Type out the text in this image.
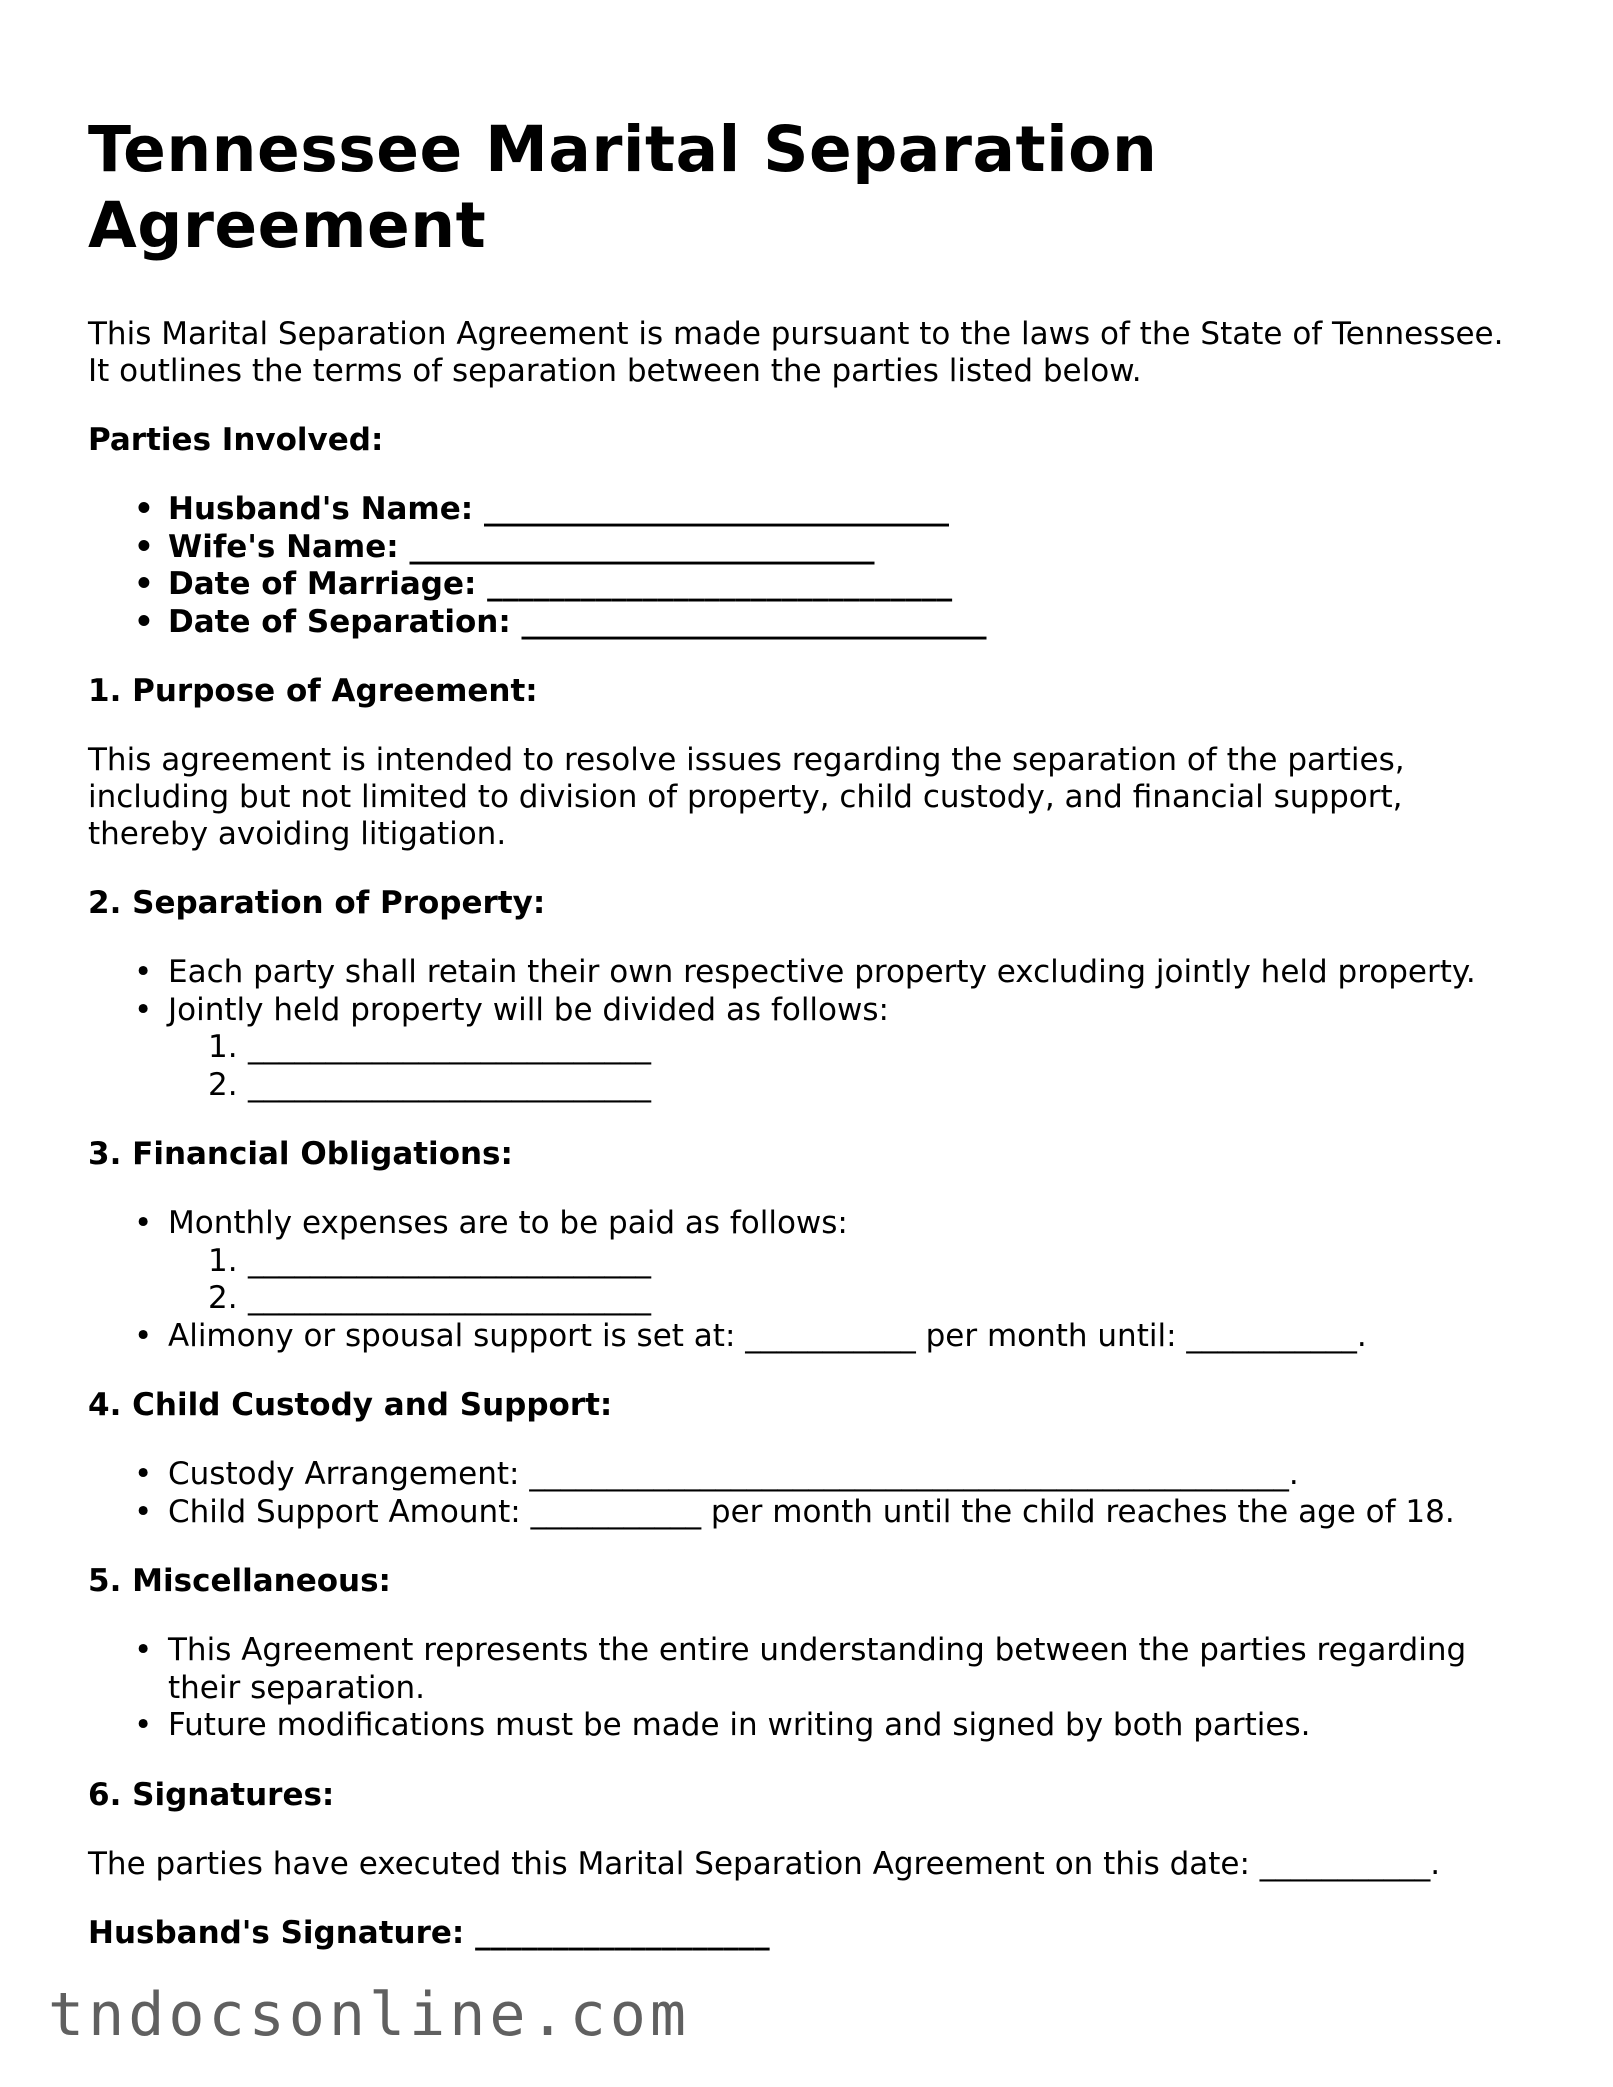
Tennessee Marital Separation Agreement

This Marital Separation Agreement is made pursuant to the laws of the State of Tennessee. It outlines the terms of separation between the parties listed below.

Parties Involved:
• Husband's Name: ______________________________
• Wife's Name: ______________________________
• Date of Marriage: ______________________________
• Date of Separation: ______________________________
1. Purpose of Agreement:

This agreement is intended to resolve issues regarding the separation of the parties, including but not limited to division of property, child custody, and financial support, thereby avoiding litigation.

2. Separation of Property:
• Each party shall retain their own respective property excluding jointly held property.
• Jointly held property will be divided as follows:
1. __________________________
2. __________________________
3. Financial Obligations:
• Monthly expenses are to be paid as follows:
1. __________________________
2. __________________________
• Alimony or spousal support is set at: ___________ per month until: ___________.
4. Child Custody and Support:
• Custody Arrangement: _________________________________________________.
• Child Support Amount: ___________ per month until the child reaches the age of 18.
5. Miscellaneous:
• This Agreement represents the entire understanding between the parties regarding their separation.
• Future modifications must be made in writing and signed by both parties.
6. Signatures:

The parties have executed this Marital Separation Agreement on this date: ___________.

Husband's Signature: ___________________
tndocsonline.com
